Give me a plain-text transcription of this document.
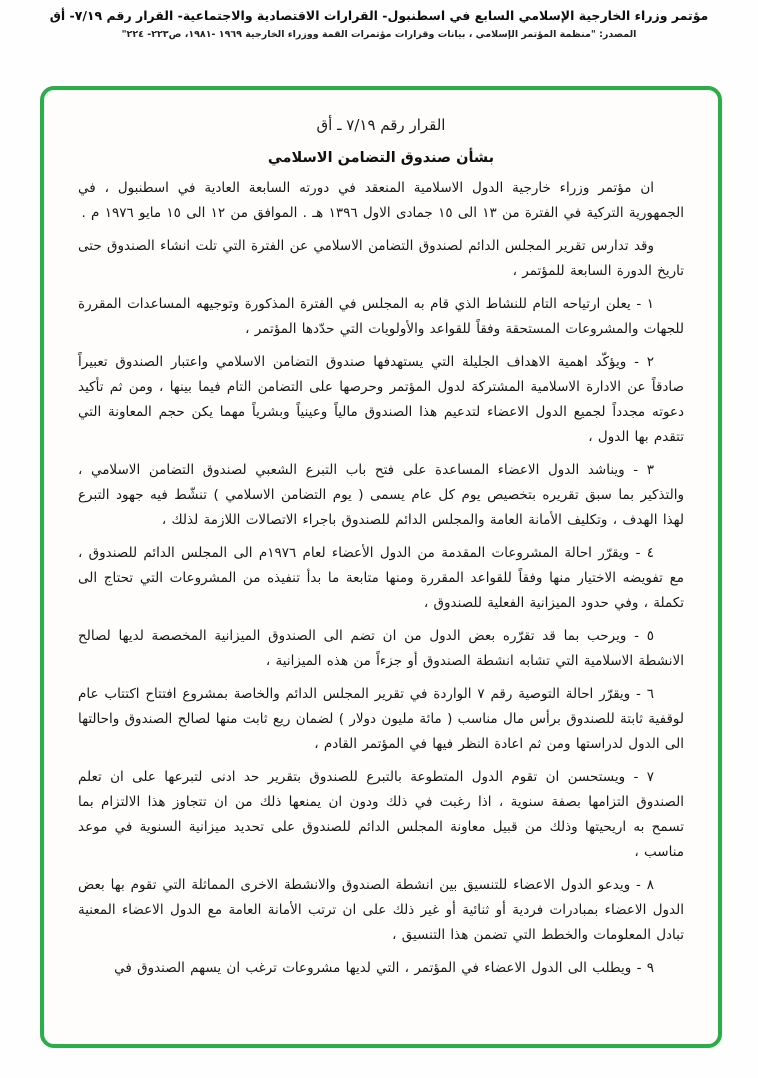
مؤتمر وزراء الخارجية الإسلامي السابع في اسطنبول- القرارات الاقتصادية والاجتماعية- القرار رقم ٧/١٩- أق
المصدر: "منظمة المؤتمر الإسلامي ، بيانات وقرارات مؤتمرات القمة ووزراء الخارجية ١٩٦٩ -١٩٨١، ص٢٢٣- ٢٢٤"
القرار رقم ٧/١٩ ـ أق
بشأن صندوق التضامن الاسلامي

ان مؤتمر وزراء خارجية الدول الاسلامية المنعقد في دورته السابعة العادية في اسطنبول ، في الجمهورية التركية في الفترة من ١٣ الى ١٥ جمادى الاول ١٣٩٦ هـ . الموافق من ١٢ الى ١٥ مايو ١٩٧٦ م .

وقد تدارس تقرير المجلس الدائم لصندوق التضامن الاسلامي عن الفترة التي تلت انشاء الصندوق حتى تاريخ الدورة السابعة للمؤتمر ،

١ - يعلن ارتياحه التام للنشاط الذي قام به المجلس في الفترة المذكورة وتوجيهه المساعدات المقررة للجهات والمشروعات المستحقة وفقاً للقواعد والأولويات التي حدّدها المؤتمر ،

٢ - ويؤكّد اهمية الاهداف الجليلة التي يستهدفها صندوق التضامن الاسلامي واعتبار الصندوق تعبيراً صادقاً عن الادارة الاسلامية المشتركة لدول المؤتمر وحرصها على التضامن التام فيما بينها ، ومن ثم تأكيد دعوته مجدداً لجميع الدول الاعضاء لتدعيم هذا الصندوق مالياً وعينياً وبشرياً مهما يكن حجم المعاونة التي تتقدم بها الدول ،

٣ - ويناشد الدول الاعضاء المساعدة على فتح باب التبرع الشعبي لصندوق التضامن الاسلامي ، والتذكير بما سبق تقريره بتخصيص يوم كل عام يسمى ( يوم التضامن الاسلامي ) تنشّط فيه جهود التبرع لهذا الهدف ، وتكليف الأمانة العامة والمجلس الدائم للصندوق باجراء الاتصالات اللازمة لذلك ،

٤ - ويقرّر احالة المشروعات المقدمة من الدول الأعضاء لعام ١٩٧٦م الى المجلس الدائم للصندوق ، مع تفويضه الاختيار منها وفقاً للقواعد المقررة ومنها متابعة ما بدأ تنفيذه من المشروعات التي تحتاج الى تكملة ، وفي حدود الميزانية الفعلية للصندوق ،

٥ - ويرحب بما قد تقرّره بعض الدول من ان تضم الى الصندوق الميزانية المخصصة لديها لصالح الانشطة الاسلامية التي تشابه انشطة الصندوق أو جزءاً من هذه الميزانية ،

٦ - ويقرّر احالة التوصية رقم ٧ الواردة في تقرير المجلس الدائم والخاصة بمشروع افتتاح اكتتاب عام لوقفية ثابتة للصندوق برأس مال مناسب ( مائة مليون دولار ) لضمان ريع ثابت منها لصالح الصندوق واحالتها الى الدول لدراستها ومن ثم اعادة النظر فيها في المؤتمر القادم ،

٧ - ويستحسن ان تقوم الدول المتطوعة بالتبرع للصندوق بتقرير حد ادنى لتبرعها على ان تعلم الصندوق التزامها بصفة سنوية ، اذا رغبت في ذلك ودون ان يمنعها ذلك من ان تتجاوز هذا الالتزام بما تسمح به اريحيتها وذلك من قبيل معاونة المجلس الدائم للصندوق على تحديد ميزانية السنوية في موعد مناسب ،

٨ - ويدعو الدول الاعضاء للتنسيق بين انشطة الصندوق والانشطة الاخرى المماثلة التي تقوم بها بعض الدول الاعضاء بمبادرات فردية أو ثنائية أو غير ذلك على ان ترتب الأمانة العامة مع الدول الاعضاء المعنية تبادل المعلومات والخطط التي تضمن هذا التنسيق ،

٩ - ويطلب الى الدول الاعضاء في المؤتمر ، التي لديها مشروعات ترغب ان يسهم الصندوق في
